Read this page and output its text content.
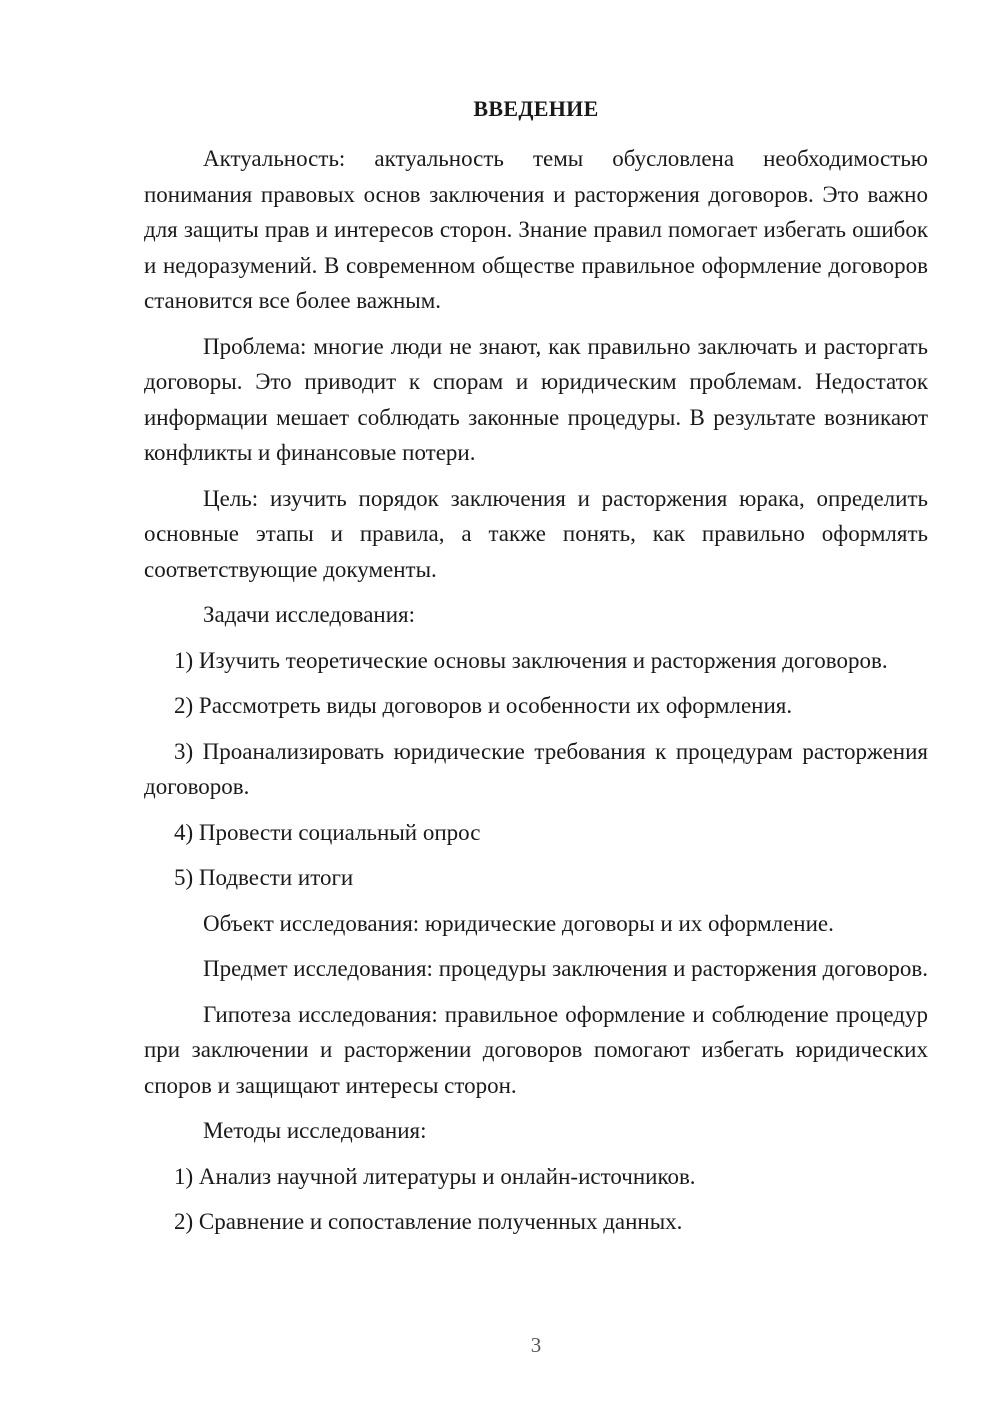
ВВЕДЕНИЕ

Актуальность: актуальность темы обусловлена необходимостью понимания правовых основ заключения и расторжения договоров. Это важно для защиты прав и интересов сторон. Знание правил помогает избегать ошибок и недоразумений. В современном обществе правильное оформление договоров становится все более важным.

Проблема: многие люди не знают, как правильно заключать и расторгать договоры. Это приводит к спорам и юридическим проблемам. Недостаток информации мешает соблюдать законные процедуры. В результате возникают конфликты и финансовые потери.

Цель: изучить порядок заключения и расторжения юрака, определить основные этапы и правила, а также понять, как правильно оформлять соответствующие документы.

Задачи исследования:

1) Изучить теоретические основы заключения и расторжения договоров.

2) Рассмотреть виды договоров и особенности их оформления.

3) Проанализировать юридические требования к процедурам расторжения договоров.

4) Провести социальный опрос

5) Подвести итоги

Объект исследования: юридические договоры и их оформление.

Предмет исследования: процедуры заключения и расторжения договоров.

Гипотеза исследования: правильное оформление и соблюдение процедур при заключении и расторжении договоров помогают избегать юридических споров и защищают интересы сторон.

Методы исследования:

1) Анализ научной литературы и онлайн-источников.

2) Сравнение и сопоставление полученных данных.

3
